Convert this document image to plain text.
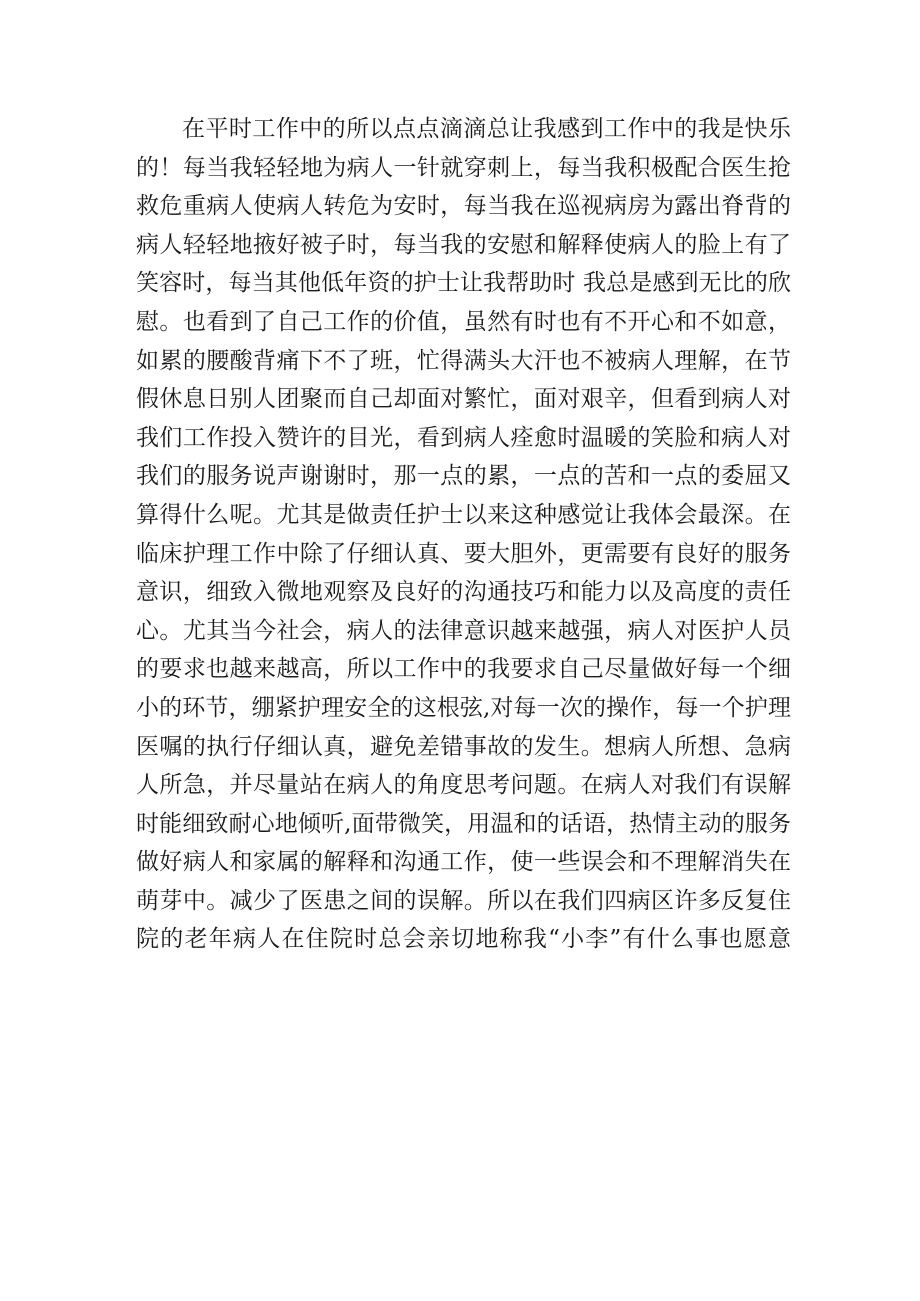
在平时工作中的所以点点滴滴总让我感到工作中的我是快乐
的！每当我轻轻地为病人一针就穿刺上，每当我积极配合医生抢
救危重病人使病人转危为安时，每当我在巡视病房为露出脊背的
病人轻轻地掖好被子时，每当我的安慰和解释使病人的脸上有了
笑容时，每当其他低年资的护士让我帮助时 我总是感到无比的欣
慰。也看到了自己工作的价值，虽然有时也有不开心和不如意，
如累的腰酸背痛下不了班，忙得满头大汗也不被病人理解，在节
假休息日别人团聚而自己却面对繁忙，面对艰辛，但看到病人对
我们工作投入赞许的目光，看到病人痊愈时温暖的笑脸和病人对
我们的服务说声谢谢时，那一点的累，一点的苦和一点的委屈又
算得什么呢。尤其是做责任护士以来这种感觉让我体会最深。在
临床护理工作中除了仔细认真、要大胆外，更需要有良好的服务
意识，细致入微地观察及良好的沟通技巧和能力以及高度的责任
心。尤其当今社会，病人的法律意识越来越强，病人对医护人员
的要求也越来越高，所以工作中的我要求自己尽量做好每一个细
小的环节，绷紧护理安全的这根弦,对每一次的操作，每一个护理
医嘱的执行仔细认真，避免差错事故的发生。想病人所想、急病
人所急，并尽量站在病人的角度思考问题。在病人对我们有误解
时能细致耐心地倾听,面带微笑，用温和的话语，热情主动的服务
做好病人和家属的解释和沟通工作，使一些误会和不理解消失在
萌芽中。减少了医患之间的误解。所以在我们四病区许多反复住
院的老年病人在住院时总会亲切地称我“小李”有什么事也愿意
